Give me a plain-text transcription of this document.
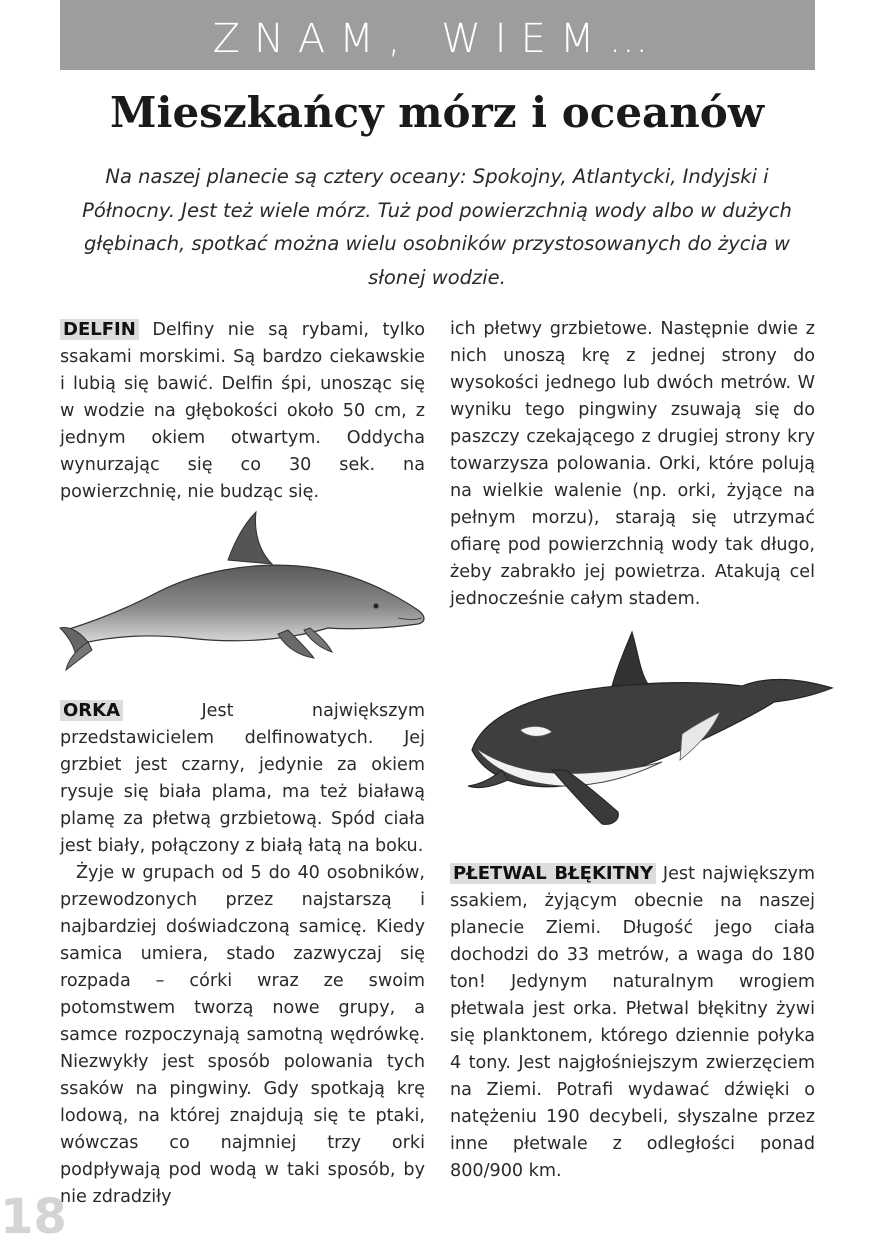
ZNAM, WIEM…
Mieszkańcy mórz i oceanów
Na naszej planecie są cztery oceany: Spokojny, Atlantycki, Indyjski i Północny. Jest też wiele mórz. Tuż pod powierzchnią wody albo w dużych głębinach, spotkać można wielu osobników przystosowanych do życia w słonej wodzie.

DELFIN Delfiny nie są rybami, tylko ssakami morskimi. Są bardzo ciekawskie i lubią się bawić. Delfin śpi, unosząc się w wodzie na głębokości około 50 cm, z jednym okiem otwartym. Oddycha wynurzając się co 30 sek. na powierzchnię, nie budząc się.

ORKA	Jest największym przedstawicielem delfinowatych. Jej grzbiet jest czarny, jedynie za okiem rysuje się biała plama, ma też białawą plamę za płetwą grzbietową. Spód ciała jest biały, połączony z białą łatą na boku.

Żyje w grupach od 5 do 40 osobników, przewodzonych przez najstarszą i najbardziej doświadczoną samicę. Kiedy samica umiera, stado zazwyczaj się rozpada – córki wraz ze swoim potomstwem tworzą nowe grupy, a samce rozpoczynają samotną wędrówkę. Niezwykły jest sposób polowania tych ssaków na pingwiny. Gdy spotkają krę lodową, na której znajdują się te ptaki, wówczas co najmniej trzy orki podpływają pod wodą w taki sposób, by nie zdradziły

ich płetwy grzbietowe. Następnie dwie z nich unoszą krę z jednej strony do wysokości jednego lub dwóch metrów. W wyniku tego pingwiny zsuwają się do paszczy czekającego z drugiej strony kry towarzysza polowania. Orki, które polują na wielkie walenie (np. orki, żyjące na pełnym morzu), starają się utrzymać ofiarę pod powierzchnią wody tak długo, żeby zabrakło jej powietrza. Atakują cel jednocześnie całym stadem.

PŁETWAL BŁĘKITNY Jest największym ssakiem, żyjącym obecnie na naszej planecie Ziemi. Długość jego ciała dochodzi do 33 metrów, a waga do 180 ton! Jedynym naturalnym wrogiem płetwala jest orka. Płetwal błękitny żywi się planktonem, którego dziennie połyka 4 tony. Jest najgłośniejszym zwierzęciem na Ziemi. Potrafi wydawać dźwięki o natężeniu 190 decybeli, słyszalne przez inne płetwale z odległości ponad 800/900 km.

18
